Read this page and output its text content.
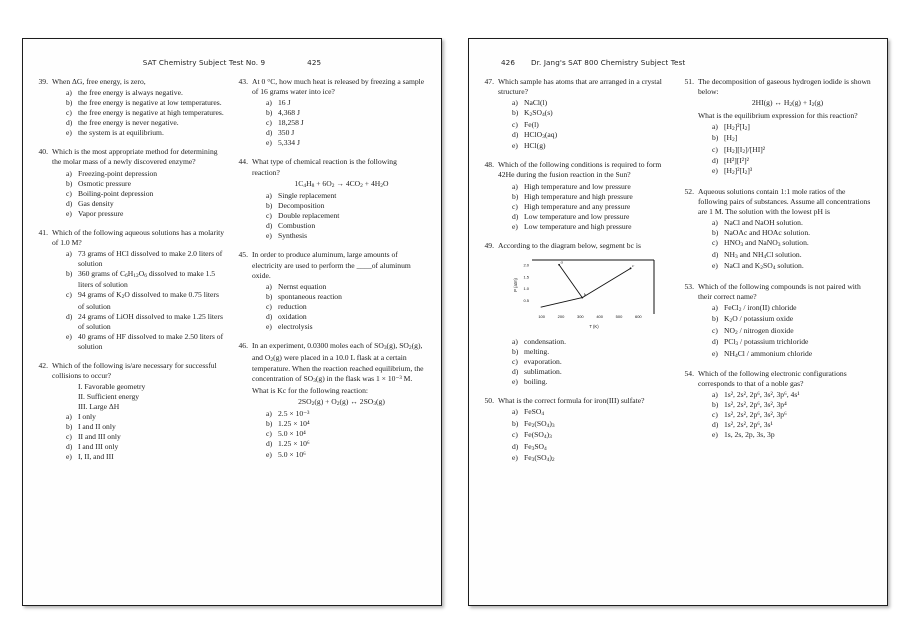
SAT Chemistry Subject Test No. 9	425
39. When ΔG, free energy, is zero,

a) the free energy is always negative.
b) the free energy is negative at low temperatures.
c) the free energy is negative at high temperatures.
d) the free energy is never negative.
e) the system is at equilibrium.
40. Which is the most appropriate method for determining the molar mass of a newly discovered enzyme?

a) Freezing-point depression
b) Osmotic pressure
c) Boiling-point depression
d) Gas density
e) Vapor pressure
41. Which of the following aqueous solutions has a molarity of 1.0 M?

a) 73 grams of HCl dissolved to make 2.0 liters of solution
b) 360 grams of $C_6H_{12}O_6$ dissolved to make 1.5 liters of solution
c) 94 grams of $K_2O$ dissolved to make 0.75 liters of solution
d) 24 grams of LiOH dissolved to make 1.25 liters of solution
e) 40 grams of HF dissolved to make 2.50 liters of solution
42. Which of the following is/are necessary for successful collisions to occur?

I. Favorable geometry
II. Sufficient energy
III. Large ΔH
a) I only
b) I and II only
c) II and III only
d) I and III only
e) I, II, and III
43. At 0 °C, how much heat is released by freezing a sample of 16 grams water into ice?

a) 16 J
b) 4,368 J
c) 18,258 J
d) 350 J
e) 5,334 J
44. What type of chemical reaction is the following reaction?

$1C_4H_8 + 6O_2 \to 4CO_2 + 4H_2O$
a) Single replacement
b) Decomposition
c) Double replacement
d) Combustion
e) Synthesis
45. In order to produce aluminum, large amounts of electricity are used to perform the ____of aluminum oxide.

a) Nernst equation
b) spontaneous reaction
c) reduction
d) oxidation
e) electrolysis
46. In an experiment, 0.0300 moles each of $SO_3(g)$, $SO_2(g)$, and $O_2(g)$ were placed in a 10.0 L flask at a certain temperature. When the reaction reached equilibrium, the concentration of $SO_3(g)$ in the flask was 1 × 10⁻³ M. What is Kc for the following reaction:

$2SO_2(g) + O_2(g)$ ↔ $2SO_3(g)$
a) 2.5 × 10⁻³
b) 1.25 × 10⁴
c) 5.0 × 10⁴
d) 1.25 × 10⁶
e) 5.0 × 10⁶
426 Dr. Jang's SAT 800 Chemistry Subject Test
47. Which sample has atoms that are arranged in a crystal structure?

a) NaCl(l)
b) $K_2SO_4(s)$
c) Fe(l)
d) HClO$_3$(aq)
e) HCl(g)
48. Which of the following conditions is required to form 42He during the fusion reaction in the Sun?

a) High temperature and low pressure
b) High temperature and high pressure
c) High temperature and any pressure
d) Low temperature and low pressure
e) Low temperature and high pressure
49. According to the diagram below, segment bc is

a
b
c
2.0
1.5
1.0
0.5
P (atm)
100	200	300	400	500	600
T (K)
a) condensation.
b) melting.
c) evaporation.
d) sublimation.
e) boiling.
50. What is the correct formula for iron(III) sulfate?

a) FeSO$_4$
b) $Fe_2(SO_4)_3$
c) $Fe(SO_4)_3$
d) $Fe_3SO_4$
e) $Fe_3(SO_4)_2$
51. The decomposition of gaseous hydrogen iodide is shown below:

2HI(g) ↔ $H_2(g) + I_2(g)$

What is the equilibrium expression for this reaction?

a) $[H_2]^2[I_2]$
b) $[H_2]$
c) $[H_2][I_2]/[HI]^2$
d) [H²][I²]²
e) $[H_2]^2[I_2]^3$
52. Aqueous solutions contain 1:1 mole ratios of the following pairs of substances. Assume all concentrations are 1 M. The solution with the lowest pH is

a) NaCl and NaOH solution.
b) NaOAc and HOAc solution.
c) $HNO_3$ and NaNO$_3$ solution.
d) $NH_3$ and $NH_4Cl$ solution.
e) NaCl and $K_2SO_4$ solution.
53. Which of the following compounds is not paired with their correct name?

a) FeCl$_2$ / iron(II) chloride
b) $K_2O$ / potassium oxide
c) $NO_2$ / nitrogen dioxide
d) PCl$_3$ / potassium trichloride
e) $NH_4Cl$ / ammonium chloride
54. Which of the following electronic configurations corresponds to that of a noble gas?

a) 1s², 2s², 2p⁶, 3s², 3p⁶, 4s¹
b) 1s², 2s², 2p⁶, 3s², 3p⁴
c) 1s², 2s², 2p⁶, 3s², 3p⁶
d) 1s², 2s², 2p⁶, 3s¹
e) 1s, 2s, 2p, 3s, 3p
